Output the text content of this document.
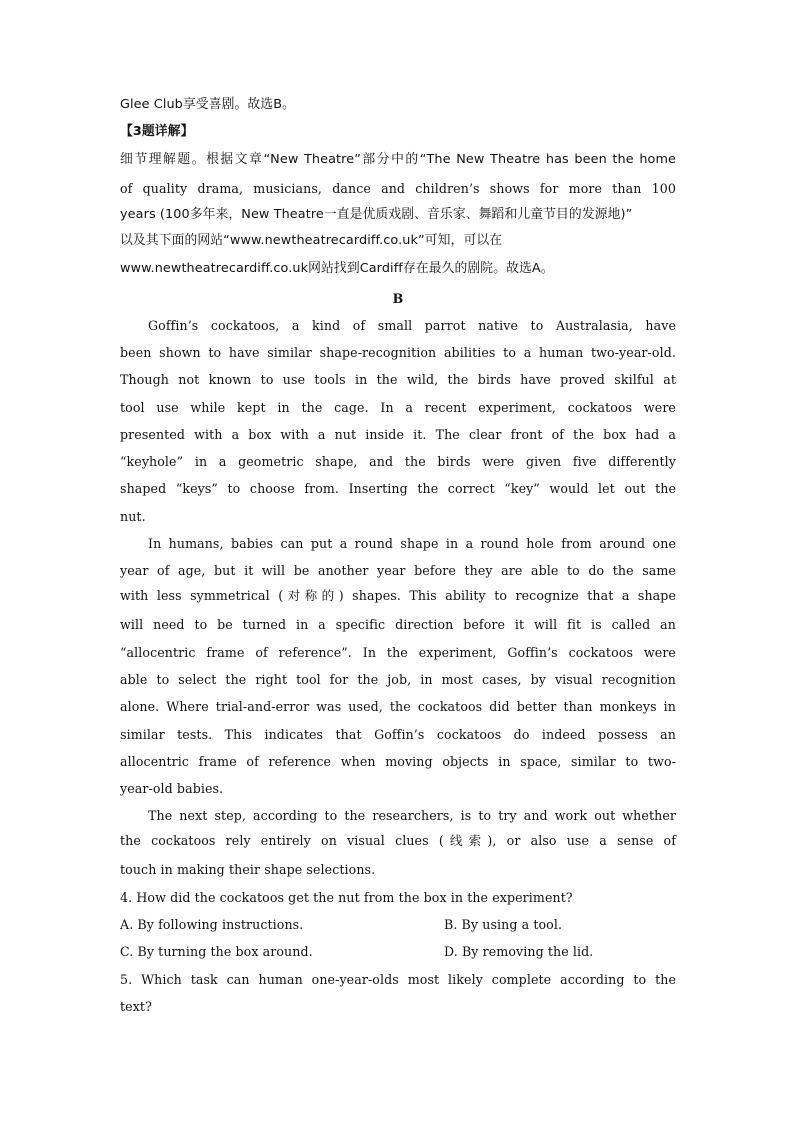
Glee Club享受喜剧。故选B。
【3题详解】
细节理解题。根据文章“New Theatre”部分中的“The New Theatre has been the home
of quality drama, musicians, dance and children’s shows for more than 100
years (100多年来，New Theatre一直是优质戏剧、音乐家、舞蹈和儿童节目的发源地)”
以及其下面的网站“www.newtheatrecardiff.co.uk”可知，可以在
www.newtheatrecardiff.co.uk网站找到Cardiff存在最久的剧院。故选A。
B
Goffin’s cockatoos, a kind of small parrot native to Australasia, have
been shown to have similar shape-recognition abilities to a human two-year-old.
Though not known to use tools in the wild, the birds have proved skilful at
tool use while kept in the cage. In a recent experiment, cockatoos were
presented with a box with a nut inside it. The clear front of the box had a
“keyhole” in a geometric shape, and the birds were given five differently
shaped “keys” to choose from. Inserting the correct “key” would let out the
nut.
In humans, babies can put a round shape in a round hole from around one
year of age, but it will be another year before they are able to do the same
with less symmetrical (对称的) shapes. This ability to recognize that a shape
will need to be turned in a specific direction before it will fit is called an
“allocentric frame of reference”. In the experiment, Goffin’s cockatoos were
able to select the right tool for the job, in most cases, by visual recognition
alone. Where trial-and-error was used, the cockatoos did better than monkeys in
similar tests. This indicates that Goffin’s cockatoos do indeed possess an
allocentric frame of reference when moving objects in space, similar to two-
year-old babies.
The next step, according to the researchers, is to try and work out whether
the cockatoos rely entirely on visual clues (线索), or also use a sense of
touch in making their shape selections.
4. How did the cockatoos get the nut from the box in the experiment?
A. By following instructions.	B. By using a tool.
C. By turning the box around.	D. By removing the lid.
5. Which task can human one-year-olds most likely complete according to the
text?
